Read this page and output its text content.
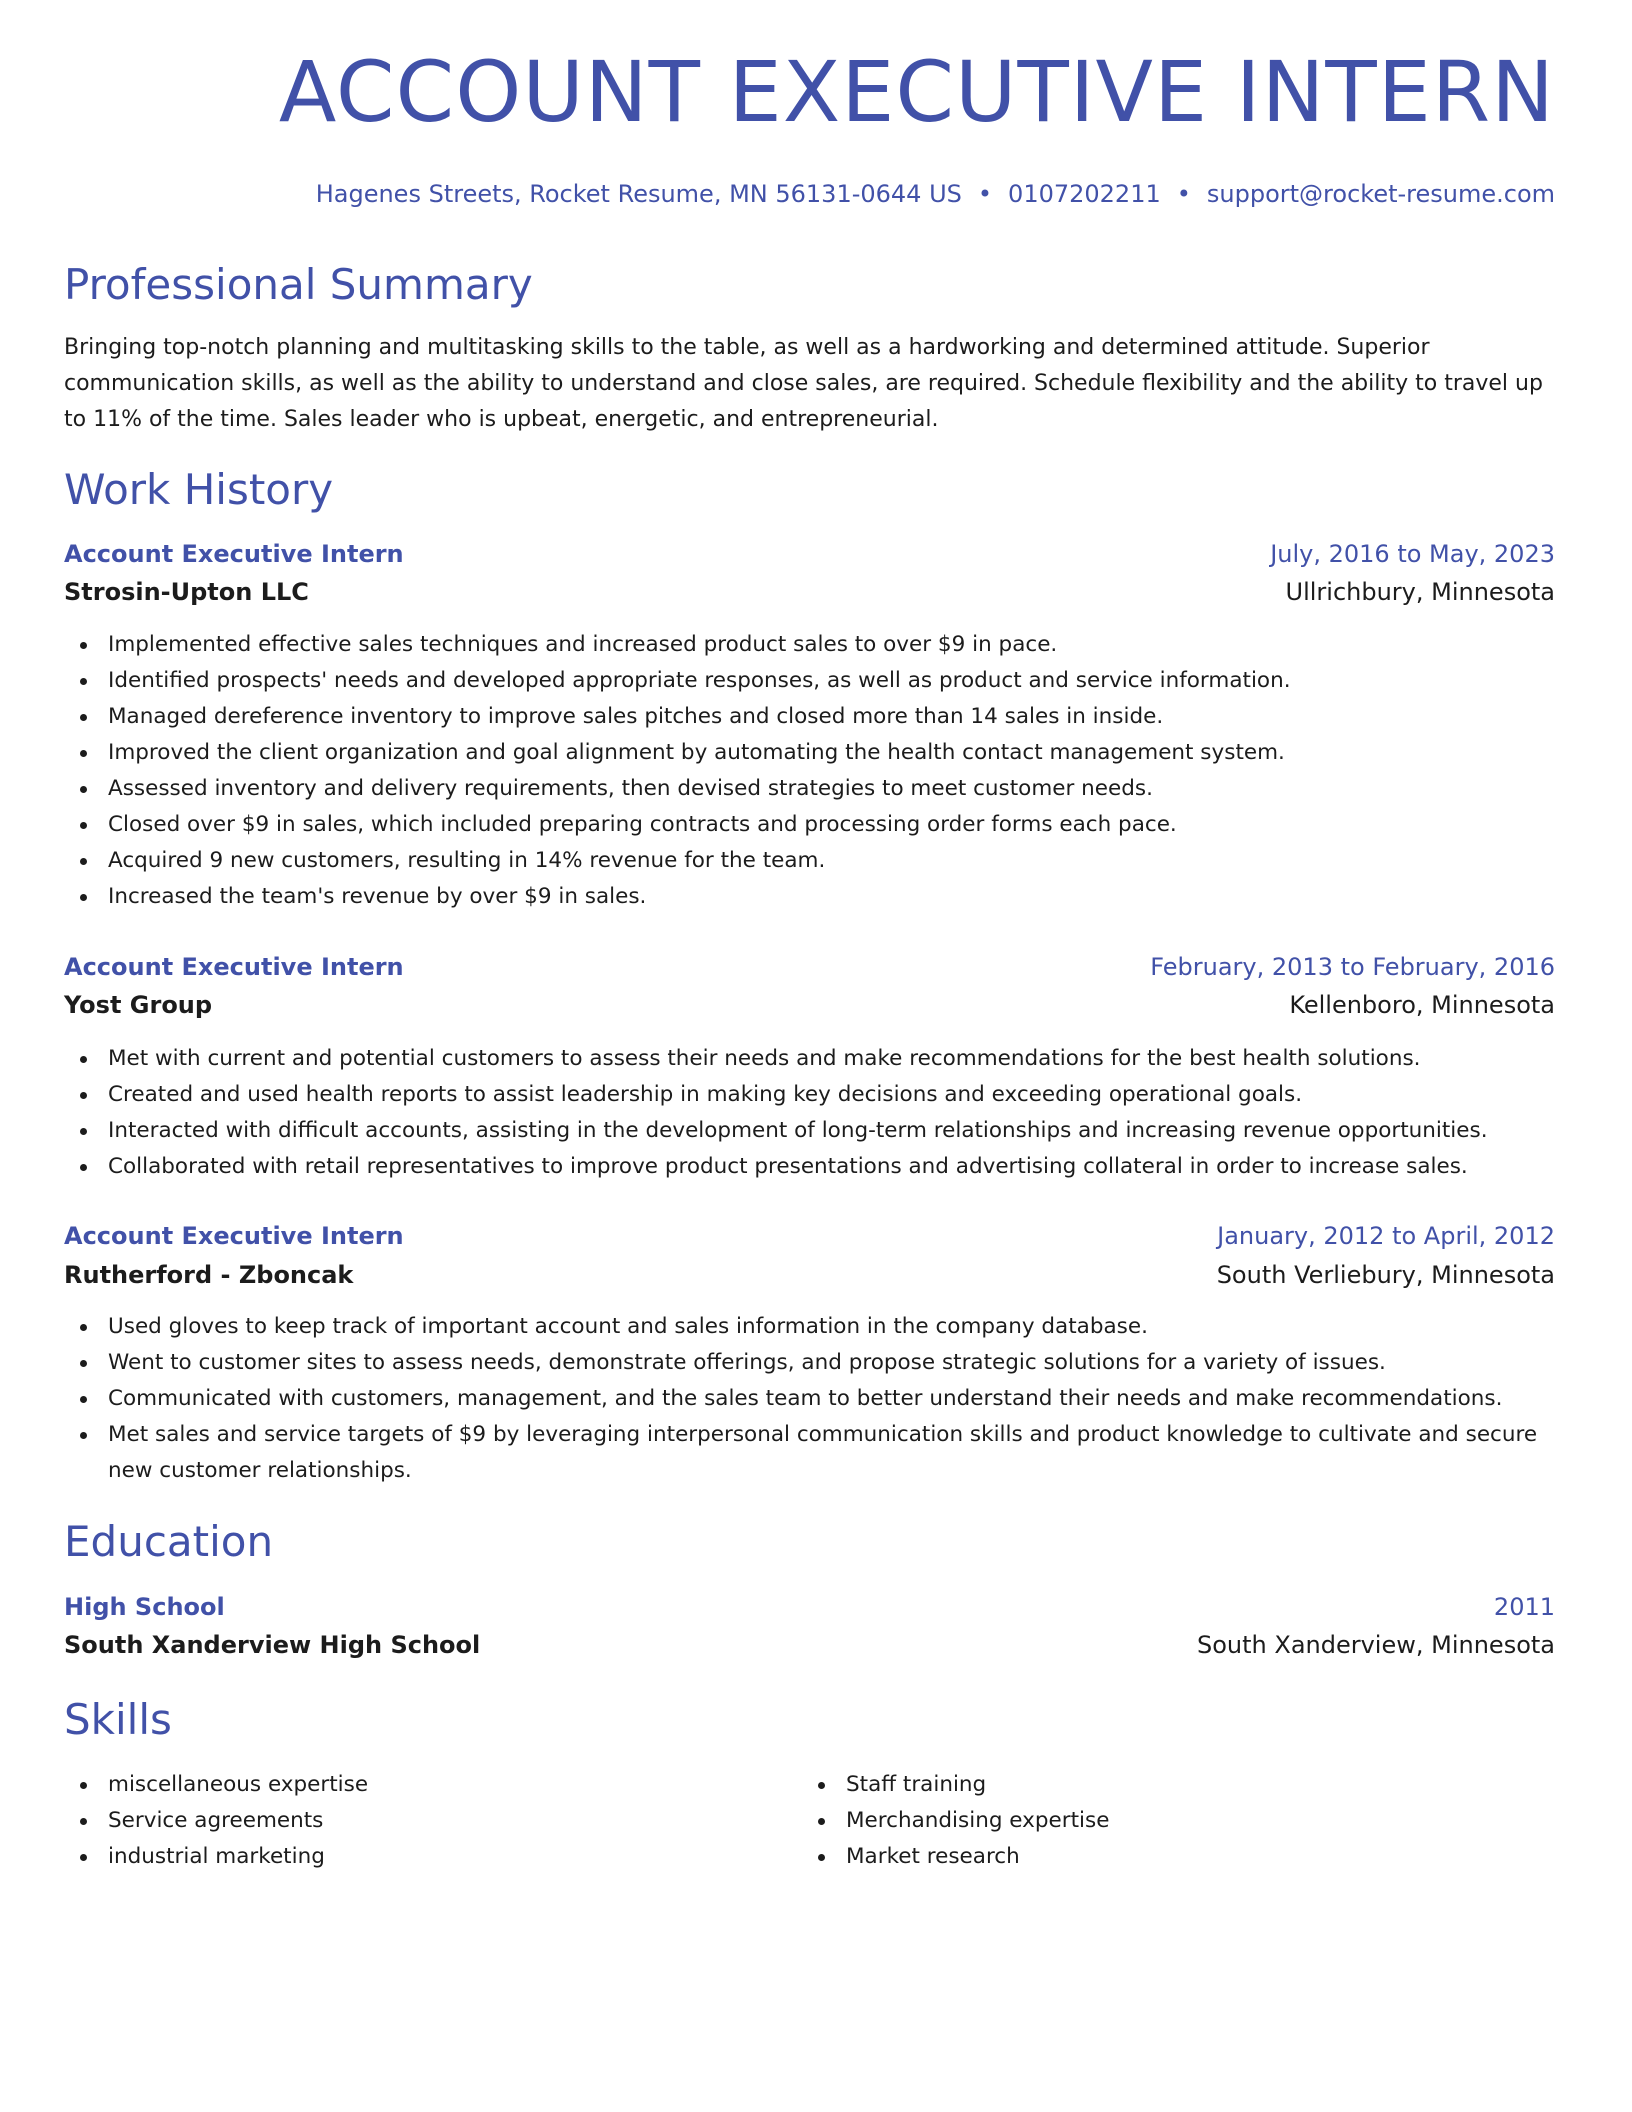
ACCOUNT EXECUTIVE INTERN
Hagenes Streets, Rocket Resume, MN 56131-0644 US • 0107202211 • support@rocket-resume.com
Professional Summary
Bringing top-notch planning and multitasking skills to the table, as well as a hardworking and determined attitude. Superior communication skills, as well as the ability to understand and close sales, are required. Schedule flexibility and the ability to travel up to 11% of the time. Sales leader who is upbeat, energetic, and entrepreneurial.
Work History
Account Executive Intern	July, 2016 to May, 2023
Strosin-Upton LLC	Ullrichbury, Minnesota
Implemented effective sales techniques and increased product sales to over $9 in pace.
Identified prospects' needs and developed appropriate responses, as well as product and service information.
Managed dereference inventory to improve sales pitches and closed more than 14 sales in inside.
Improved the client organization and goal alignment by automating the health contact management system.
Assessed inventory and delivery requirements, then devised strategies to meet customer needs.
Closed over $9 in sales, which included preparing contracts and processing order forms each pace.
Acquired 9 new customers, resulting in 14% revenue for the team.
Increased the team's revenue by over $9 in sales.
Account Executive Intern	February, 2013 to February, 2016
Yost Group	Kellenboro, Minnesota
Met with current and potential customers to assess their needs and make recommendations for the best health solutions.
Created and used health reports to assist leadership in making key decisions and exceeding operational goals.
Interacted with difficult accounts, assisting in the development of long-term relationships and increasing revenue opportunities.
Collaborated with retail representatives to improve product presentations and advertising collateral in order to increase sales.
Account Executive Intern	January, 2012 to April, 2012
Rutherford - Zboncak	South Verliebury, Minnesota
Used gloves to keep track of important account and sales information in the company database.
Went to customer sites to assess needs, demonstrate offerings, and propose strategic solutions for a variety of issues.
Communicated with customers, management, and the sales team to better understand their needs and make recommendations.
Met sales and service targets of $9 by leveraging interpersonal communication skills and product knowledge to cultivate and secure new customer relationships.
Education
High School	2011
South Xanderview High School	South Xanderview, Minnesota
Skills
miscellaneous expertise
Service agreements
industrial marketing
Staff training
Merchandising expertise
Market research
